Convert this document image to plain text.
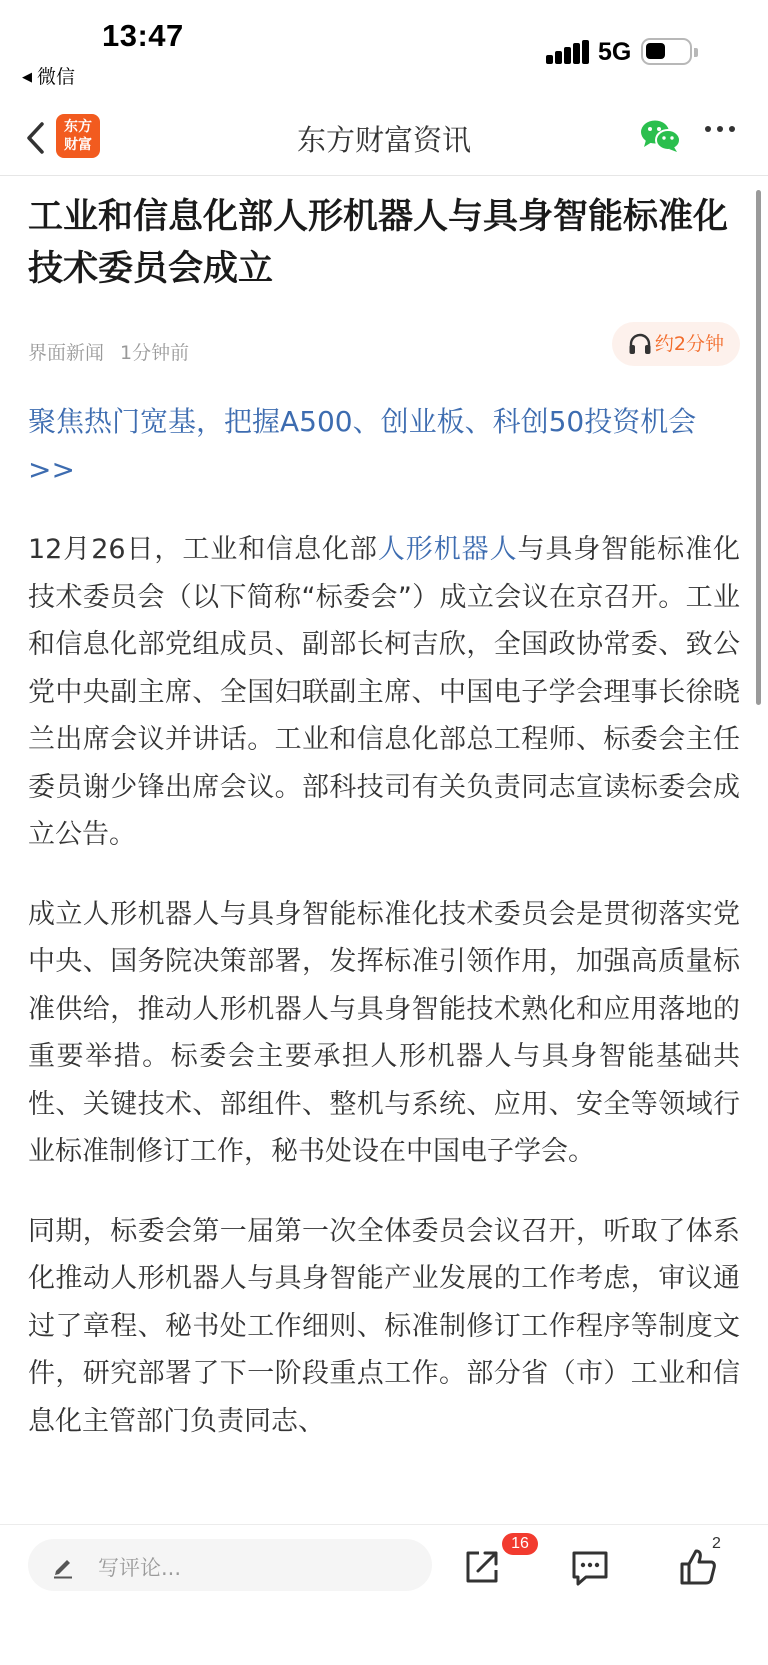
13:47
◀ 微信
5G
东方
财富	东方财富资讯
工业和信息化部人形机器人与具身智能标准化技术委员会成立
界面新闻 1分钟前	约2分钟
聚焦热门宽基，把握A500、创业板、科创50投资机会>>

12月26日，工业和信息化部人形机器人与具身智能标准化技术委员会（以下简称“标委会”）成立会议在京召开。工业和信息化部党组成员、副部长柯吉欣，全国政协常委、致公党中央副主席、全国妇联副主席、中国电子学会理事长徐晓兰出席会议并讲话。工业和信息化部总工程师、标委会主任委员谢少锋出席会议。部科技司有关负责同志宣读标委会成立公告。

成立人形机器人与具身智能标准化技术委员会是贯彻落实党中央、国务院决策部署，发挥标准引领作用，加强高质量标准供给，推动人形机器人与具身智能技术熟化和应用落地的重要举措。标委会主要承担人形机器人与具身智能基础共性、关键技术、部组件、整机与系统、应用、安全等领域行业标准制修订工作，秘书处设在中国电子学会。

同期，标委会第一届第一次全体委员会议召开，听取了体系化推动人形机器人与具身智能产业发展的工作考虑，审议通过了章程、秘书处工作细则、标准制修订工作程序等制度文件，研究部署了下一阶段重点工作。部分省（市）工业和信息化主管部门负责同志、

写评论...
16	2
